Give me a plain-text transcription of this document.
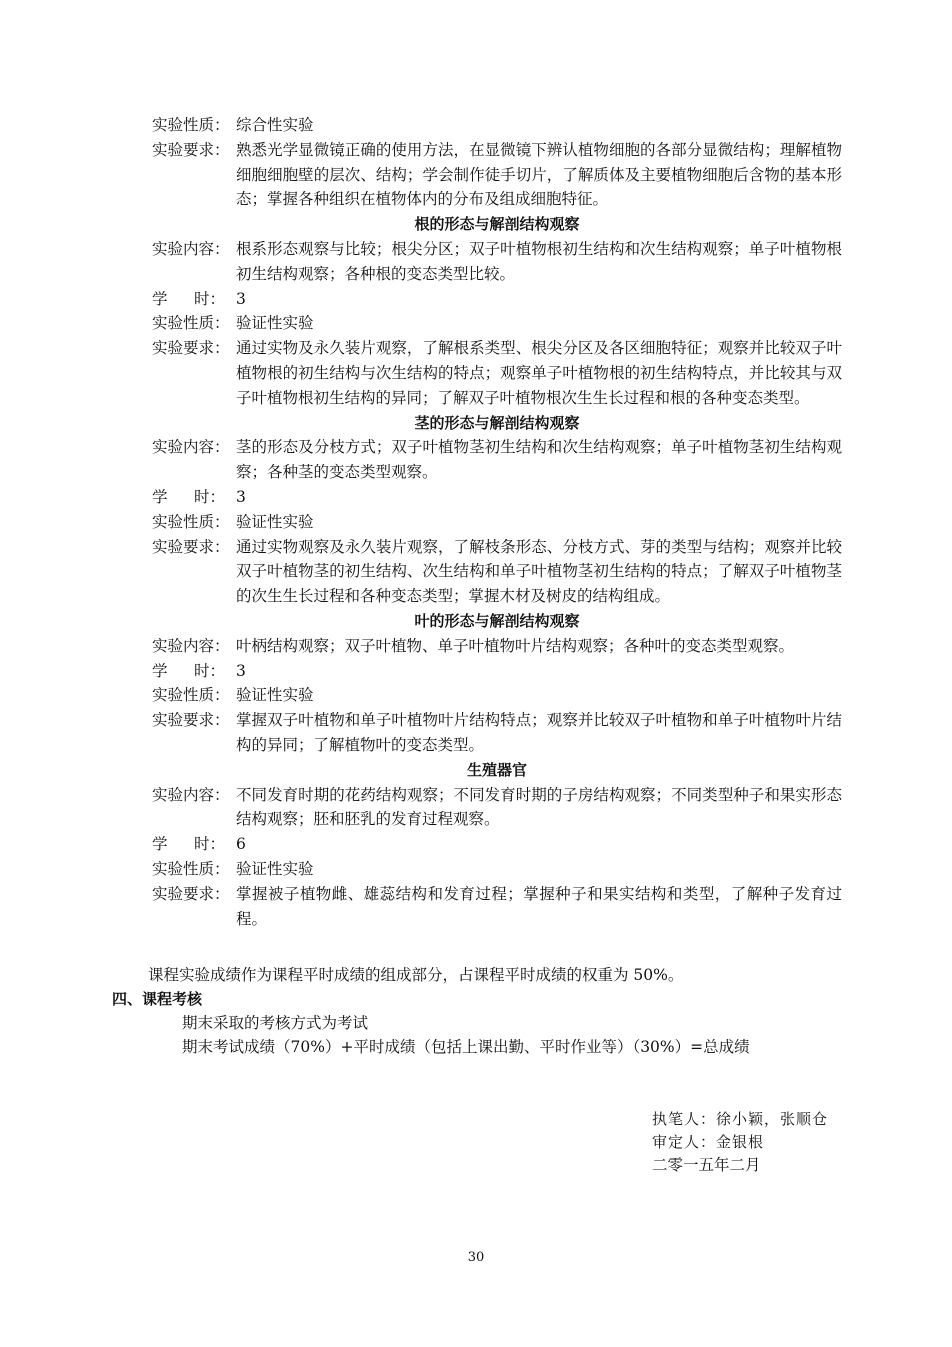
实验性质： 综合性实验
实验要求： 熟悉光学显微镜正确的使用方法，在显微镜下辨认植物细胞的各部分显微结构；理解植物细胞细胞壁的层次、结构；学会制作徒手切片，了解质体及主要植物细胞后含物的基本形态；掌握各种组织在植物体内的分布及组成细胞特征。
根的形态与解剖结构观察
实验内容： 根系形态观察与比较；根尖分区；双子叶植物根初生结构和次生结构观察；单子叶植物根初生结构观察；各种根的变态类型比较。
学 时： 3
实验性质： 验证性实验
实验要求： 通过实物及永久装片观察，了解根系类型、根尖分区及各区细胞特征；观察并比较双子叶植物根的初生结构与次生结构的特点；观察单子叶植物根的初生结构特点，并比较其与双子叶植物根初生结构的异同；了解双子叶植物根次生生长过程和根的各种变态类型。
茎的形态与解剖结构观察
实验内容： 茎的形态及分枝方式；双子叶植物茎初生结构和次生结构观察；单子叶植物茎初生结构观察；各种茎的变态类型观察。
学 时： 3
实验性质： 验证性实验
实验要求： 通过实物观察及永久装片观察，了解枝条形态、分枝方式、芽的类型与结构；观察并比较双子叶植物茎的初生结构、次生结构和单子叶植物茎初生结构的特点；了解双子叶植物茎的次生生长过程和各种变态类型；掌握木材及树皮的结构组成。
叶的形态与解剖结构观察
实验内容： 叶柄结构观察；双子叶植物、单子叶植物叶片结构观察；各种叶的变态类型观察。
学 时： 3
实验性质： 验证性实验
实验要求： 掌握双子叶植物和单子叶植物叶片结构特点；观察并比较双子叶植物和单子叶植物叶片结构的异同；了解植物叶的变态类型。
生殖器官
实验内容： 不同发育时期的花药结构观察；不同发育时期的子房结构观察；不同类型种子和果实形态结构观察；胚和胚乳的发育过程观察。
学 时： 6
实验性质： 验证性实验
实验要求： 掌握被子植物雌、雄蕊结构和发育过程；掌握种子和果实结构和类型，了解种子发育过程。
课程实验成绩作为课程平时成绩的组成部分，占课程平时成绩的权重为 50%。
四、课程考核
期末采取的考核方式为考试
期末考试成绩（70%）+平时成绩（包括上课出勤、平时作业等）（30%）=总成绩
执笔人：徐小颖，张顺仓
审定人：金银根
二零一五年二月
30
